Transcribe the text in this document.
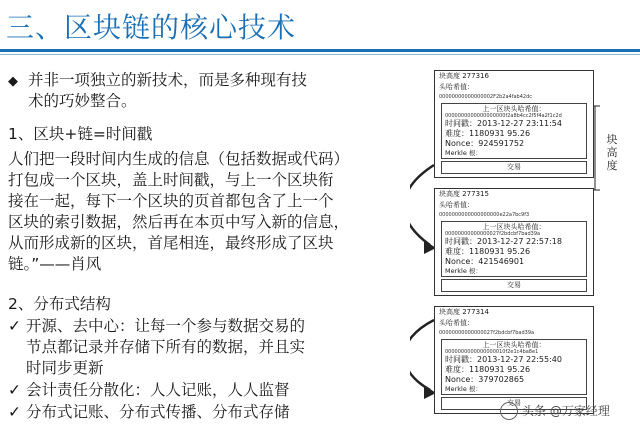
三、区块链的核心技术
◆ 并非一项独立的新技术，而是多种现有技
术的巧妙整合。
1、区块+链=时间戳
人们把一段时间内生成的信息（包括数据或代码）
打包成一个区块，盖上时间戳，与上一个区块衔
接在一起，每下一个区块的页首都包含了上一个
区块的索引数据，然后再在本页中写入新的信息，
从而形成新的区块，首尾相连，最终形成了区块
链。”——肖风
2、分布式结构
✓ 开源、去中心：让每一个参与数据交易的
节点都记录并存储下所有的数据，并且实
时同步更新
✓ 会计责任分散化：人人记账，人人监督
✓ 分布式记账、分布式传播、分布式存储
块高度
块高度 277316
头哈希值：
00000000000000002F2b2a4fab42dc
上一区块头哈希值：
0000000000000000000f2a8b4cc2f5f4a2f1c2d
时间戳：2013-12-27 23:11:54
难度：1180931 95.26
Nonce：924591752
Merkle 根：
交易
块高度 277315
头哈希值：
0000000000000000000e22a7bc9f3
上一区块头哈希值：
00000000000000027f2bdcbf7bad39a
时间戳：2013-12-27 22:57:18
难度：1180931 95.26
Nonce：421546901
Merkle 根：
交易
块高度 277314
头哈希值：
00000000000000027f2bdcbf7bad39a
上一区块头哈希值：
0000000000000000010f2e1c4ba8e1
时间戳：2013-12-27 22:55:40
难度：1180931 95.26
Nonce：379702865
Merkle 根：
交易
头条 @万家经理
